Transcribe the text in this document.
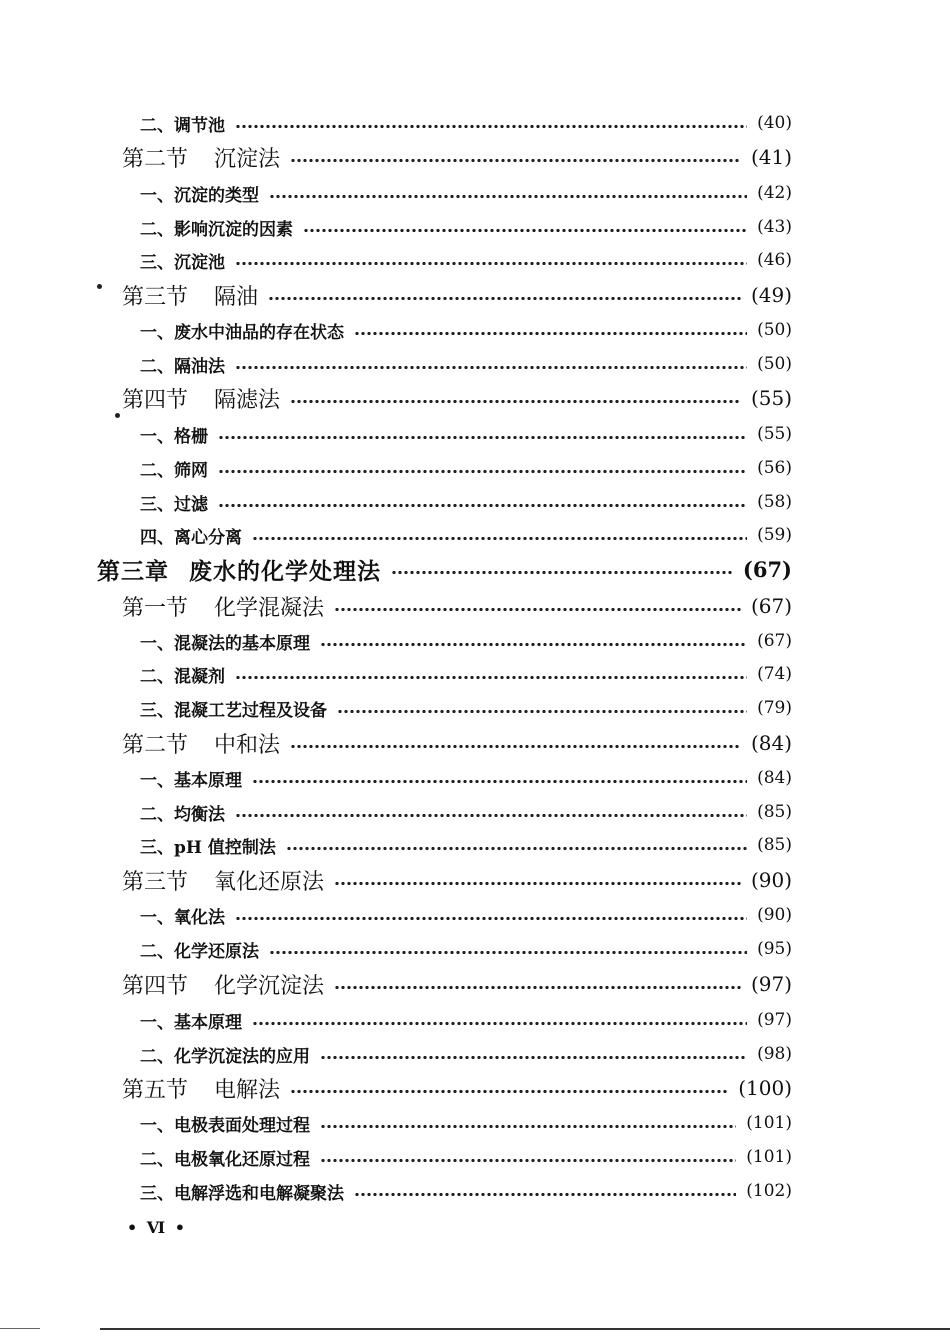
二、调节池	(40)
第二节 沉淀法	(41)
一、沉淀的类型	(42)
二、影响沉淀的因素	(43)
三、沉淀池	(46)
第三节 隔油	(49)
一、废水中油品的存在状态	(50)
二、隔油法	(50)
第四节 隔滤法	(55)
一、格栅	(55)
二、筛网	(56)
三、过滤	(58)
四、离心分离	(59)
第三章 废水的化学处理法	(67)
第一节 化学混凝法	(67)
一、混凝法的基本原理	(67)
二、混凝剂	(74)
三、混凝工艺过程及设备	(79)
第二节 中和法	(84)
一、基本原理	(84)
二、均衡法	(85)
三、pH 值控制法	(85)
第三节 氧化还原法	(90)
一、氧化法	(90)
二、化学还原法	(95)
第四节 化学沉淀法	(97)
一、基本原理	(97)
二、化学沉淀法的应用	(98)
第五节 电解法	(100)
一、电极表面处理过程	(101)
二、电极氧化还原过程	(101)
三、电解浮选和电解凝聚法	(102)
• Ⅵ •
